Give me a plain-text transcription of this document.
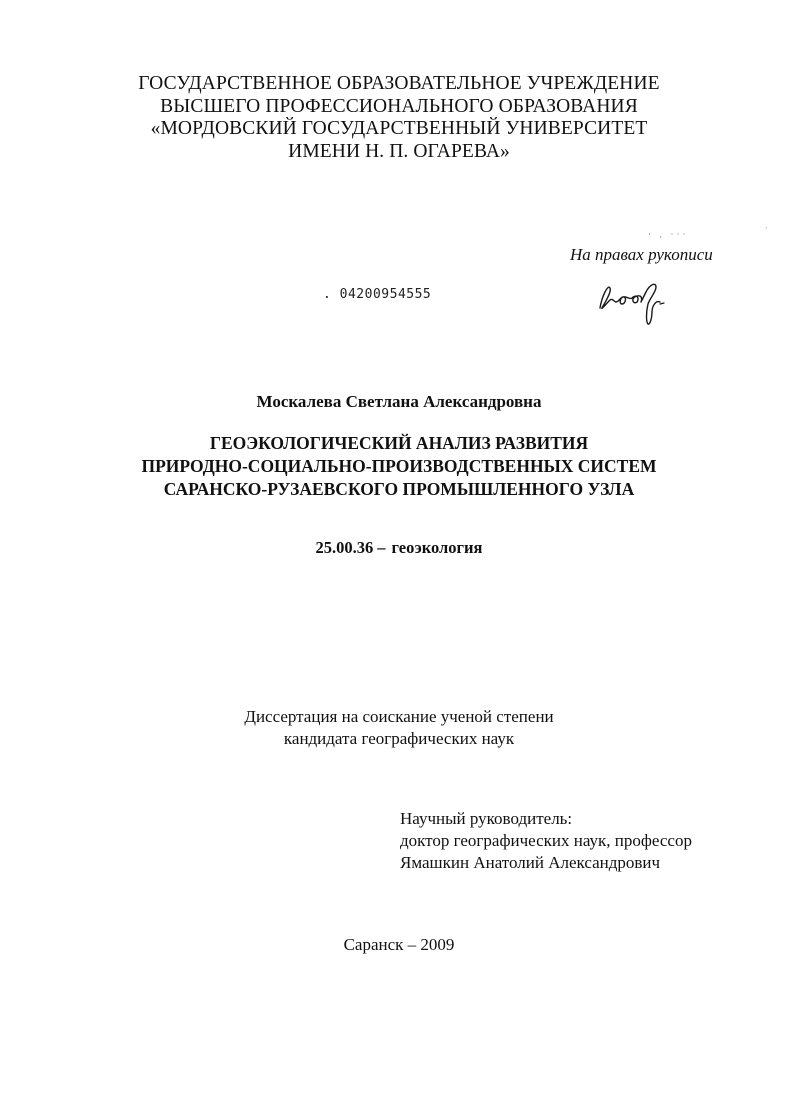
ГОСУДАРСТВЕННОЕ ОБРАЗОВАТЕЛЬНОЕ УЧРЕЖДЕНИЕ
ВЫСШЕГО ПРОФЕССИОНАЛЬНОГО ОБРАЗОВАНИЯ
«МОРДОВСКИЙ ГОСУДАРСТВЕННЫЙ УНИВЕРСИТЕТ
ИМЕНИ Н. П. ОГАРЕВА»
˙ · ˙˙˙
ˊ
На правах рукописи
. 04200954555
Москалева Светлана Александровна
ГЕОЭКОЛОГИЧЕСКИЙ АНАЛИЗ РАЗВИТИЯ
ПРИРОДНО-СОЦИАЛЬНО-ПРОИЗВОДСТВЕННЫХ СИСТЕМ
САРАНСКО-РУЗАЕВСКОГО ПРОМЫШЛЕННОГО УЗЛА
25.00.36 – геоэкология
Диссертация на соискание ученой степени
кандидата географических наук
Научный руководитель:
доктор географических наук, профессор
Ямашкин Анатолий Александрович
Саранск – 2009
